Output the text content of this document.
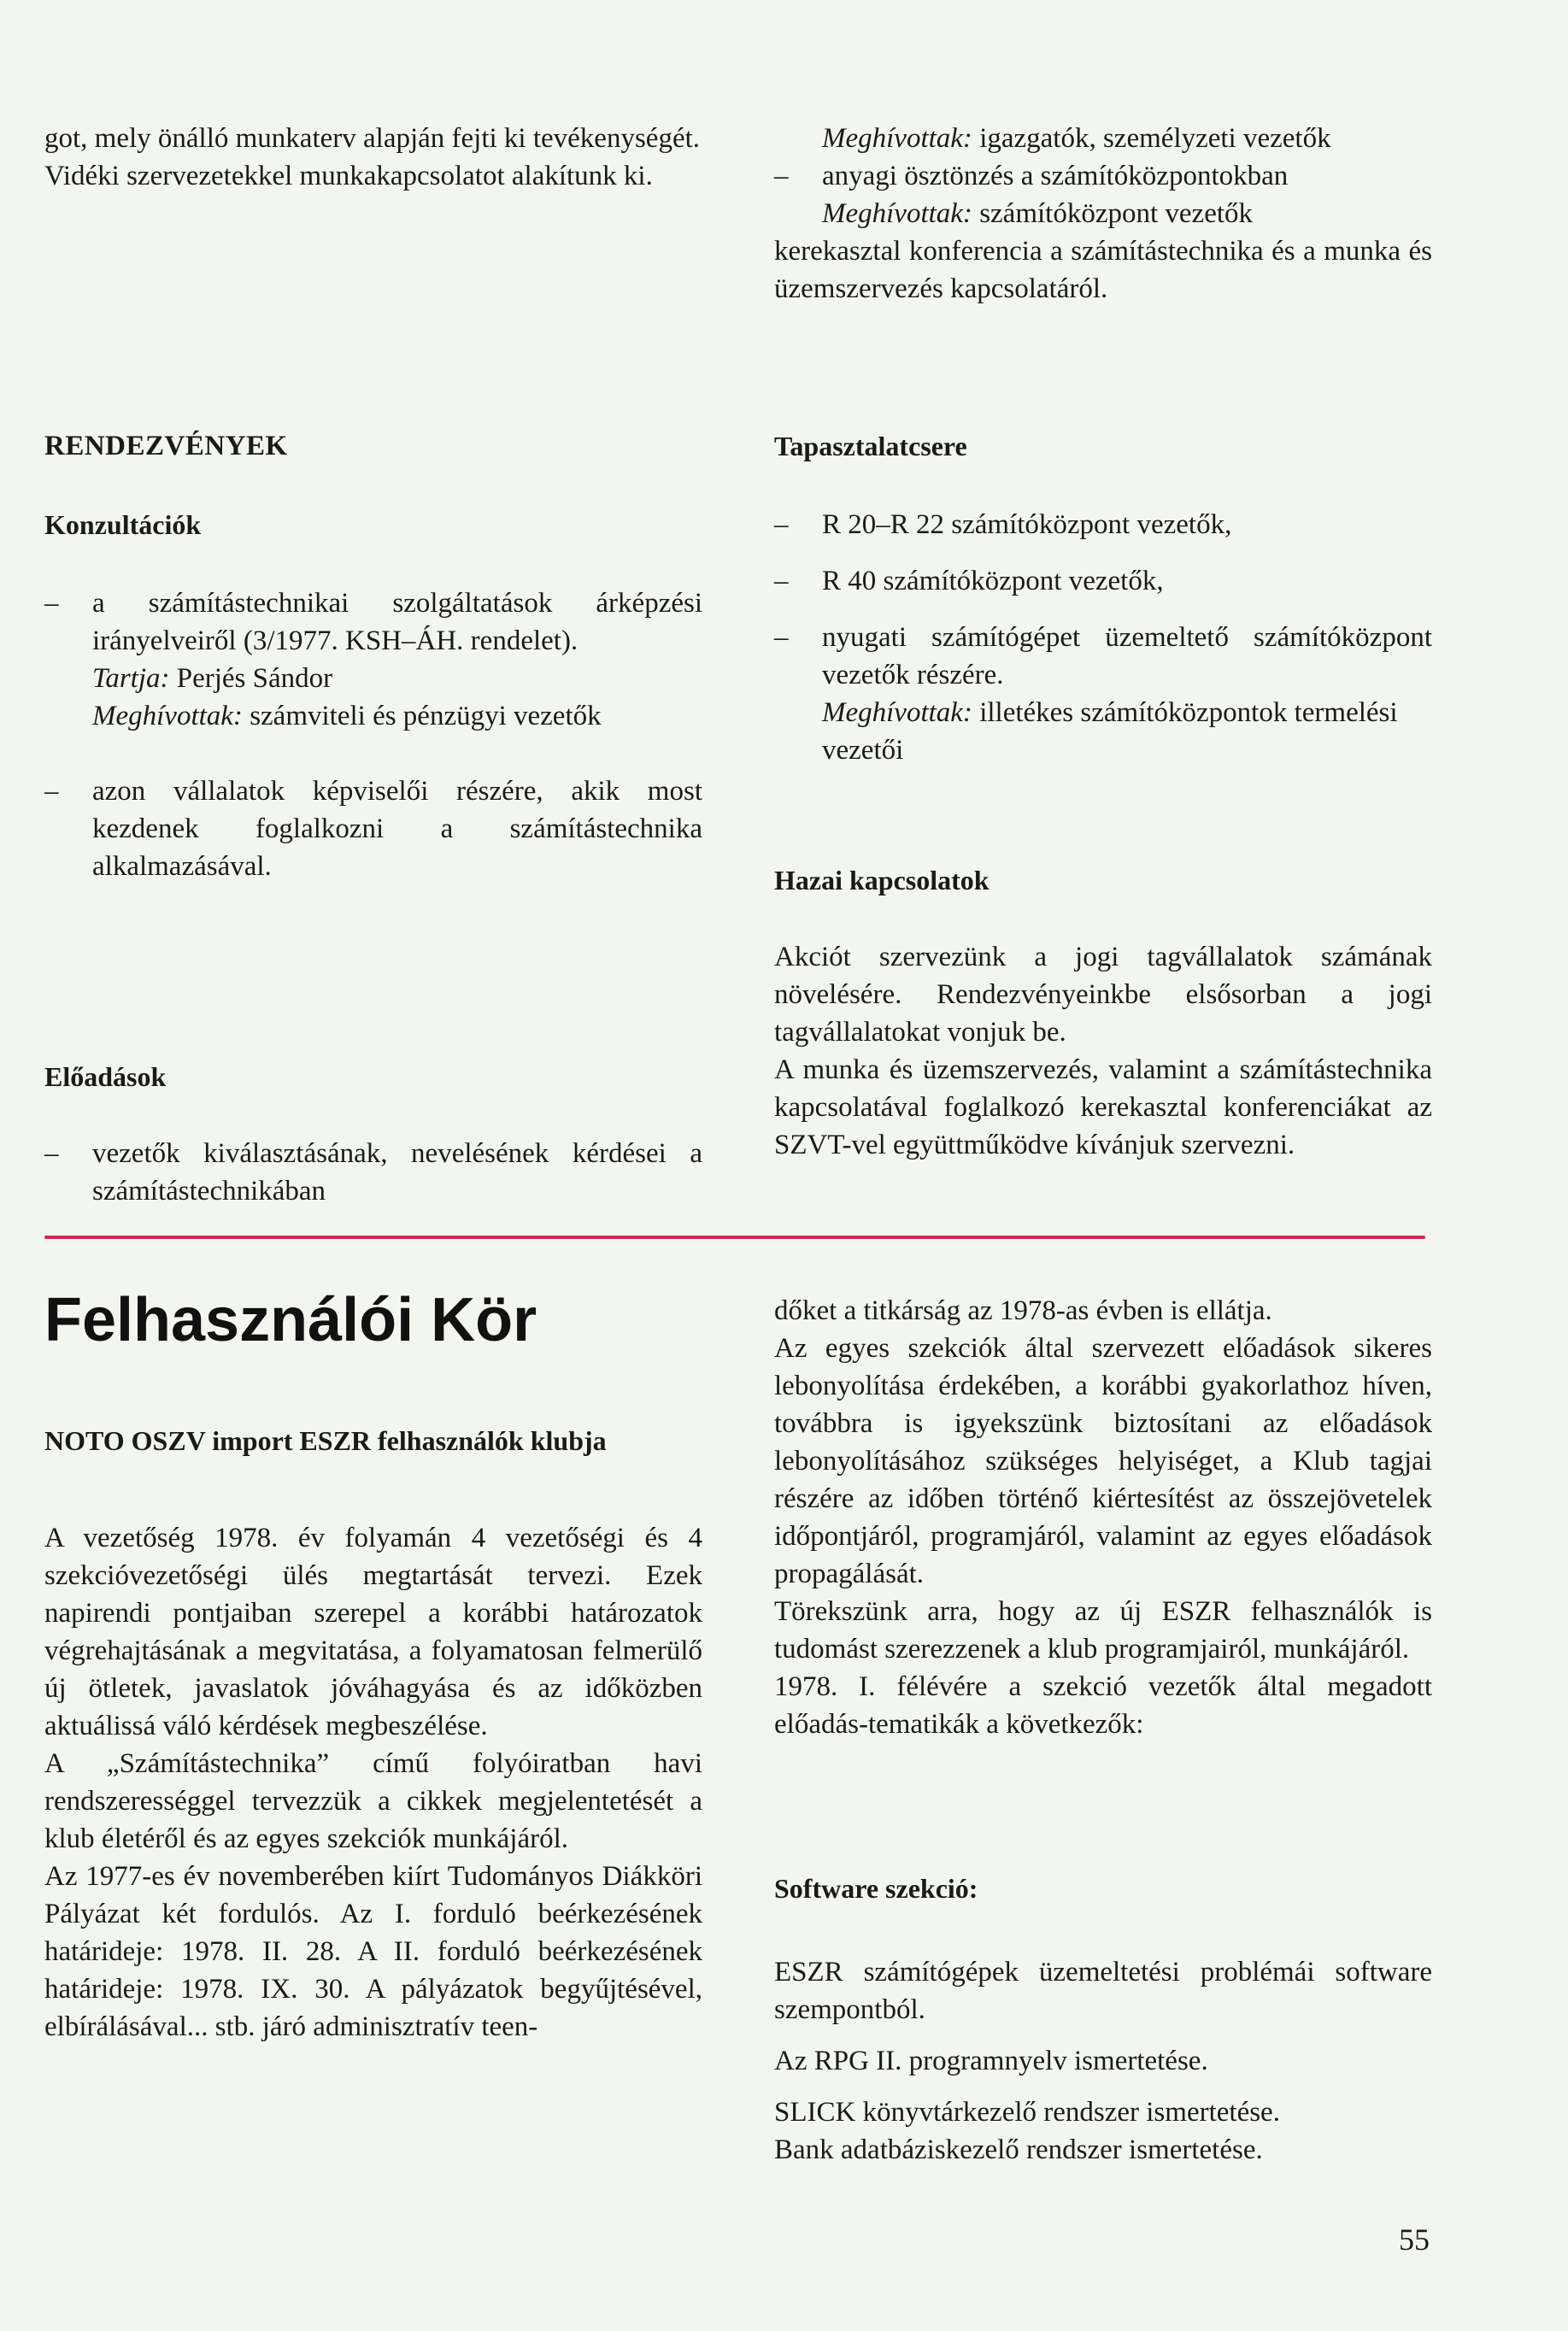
got, mely önálló munkaterv alapján fejti ki tevékenységét.

Vidéki szervezetekkel munkakapcsolatot alakítunk ki.

RENDEZVÉNYEK
Konzultációk
– a számítástechnikai szolgáltatások árképzési irányelveiről (3/1977. KSH–ÁH. rendelet).
Tartja: Perjés Sándor
Meghívottak: számviteli és pénzügyi vezetők
– azon vállalatok képviselői részére, akik most kezdenek foglalkozni a számítástechnika alkalmazásával.
Előadások
– vezetők kiválasztásának, nevelésének kérdései a számítástechnikában
Meghívottak: igazgatók, személyzeti vezetők
– anyagi ösztönzés a számítóközpontokban
Meghívottak: számítóközpont vezetők

kerekasztal konferencia a számítástechnika és a munka és üzemszervezés kapcsolatáról.

Tapasztalatcsere
– R 20–R 22 számítóközpont vezetők,
– R 40 számítóközpont vezetők,
– nyugati számítógépet üzemeltető számítóközpont vezetők részére.
Meghívottak: illetékes számítóközpontok termelési vezetői
Hazai kapcsolatok

Akciót szervezünk a jogi tagvállalatok számának növelésére. Rendezvényeinkbe elsősorban a jogi tagvállalatokat vonjuk be.

A munka és üzemszervezés, valamint a számítástechnika kapcsolatával foglalkozó kerekasztal konferenciákat az SZVT-vel együttműködve kívánjuk szervezni.

Felhasználói Kör
NOTO OSZV import ESZR felhasználók klubja

A vezetőség 1978. év folyamán 4 vezetőségi és 4 szekcióvezetőségi ülés megtartását tervezi. Ezek napirendi pontjaiban szerepel a korábbi határozatok végrehajtásának a megvitatása, a folyamatosan felmerülő új ötletek, javaslatok jóváhagyása és az időközben aktuálissá váló kérdések megbeszélése.

A „Számítástechnika” című folyóiratban havi rendszerességgel tervezzük a cikkek megjelentetését a klub életéről és az egyes szekciók munkájáról.

Az 1977-es év novemberében kiírt Tudományos Diákköri Pályázat két fordulós. Az I. forduló beérkezésének határideje: 1978. II. 28. A II. forduló beérkezésének határideje: 1978. IX. 30. A pályázatok begyűjtésével, elbírálásával... stb. járó adminisztratív teen-

dőket a titkárság az 1978-as évben is ellátja.

Az egyes szekciók által szervezett előadások sikeres lebonyolítása érdekében, a korábbi gyakorlathoz híven, továbbra is igyekszünk biztosítani az előadások lebonyolításához szükséges helyiséget, a Klub tagjai részére az időben történő kiértesítést az összejövetelek időpontjáról, programjáról, valamint az egyes előadások propagálását.

Törekszünk arra, hogy az új ESZR felhasználók is tudomást szerezzenek a klub programjairól, munkájáról.

1978. I. félévére a szekció vezetők által megadott előadás-tematikák a következők:

Software szekció:

ESZR számítógépek üzemeltetési problémái software szempontból.

Az RPG II. programnyelv ismertetése.

SLICK könyvtárkezelő rendszer ismertetése.

Bank adatbáziskezelő rendszer ismertetése.

55
